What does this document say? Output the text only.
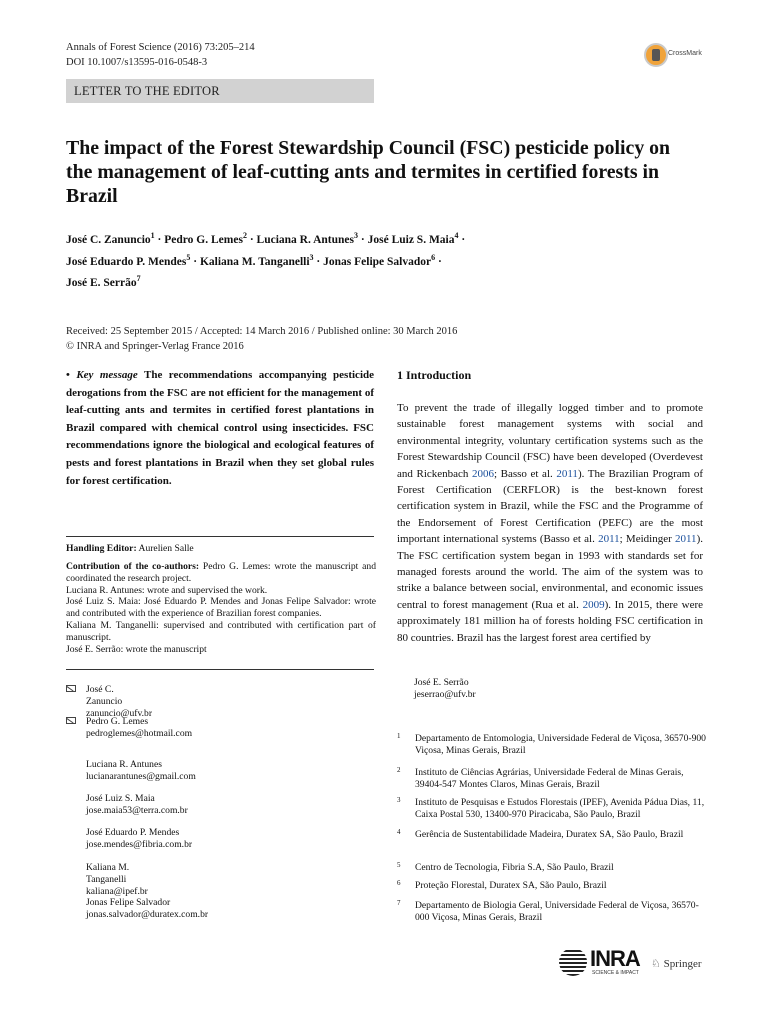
Annals of Forest Science (2016) 73:205–214
DOI 10.1007/s13595-016-0548-3
CrossMark
LETTER TO THE EDITOR
The impact of the Forest Stewardship Council (FSC) pesticide policy on the management of leaf-cutting ants and termites in certified forests in Brazil
José C. Zanuncio$^1$ · Pedro G. Lemes$^2$ · Luciana R. Antunes$^3$ · José Luiz S. Maia$^4$ ·
José Eduardo P. Mendes$^5$ · Kaliana M. Tanganelli$^3$ · Jonas Felipe Salvador$^6$ ·
José E. Serrão$^7$
Received: 25 September 2015 / Accepted: 14 March 2016 / Published online: 30 March 2016
© INRA and Springer-Verlag France 2016
• Key message The recommendations accompanying pesticide derogations from the FSC are not efficient for the management of leaf-cutting ants and termites in certified forest plantations in Brazil compared with chemical control using insecticides. FSC recommendations ignore the biological and ecological features of pests and forest plantations in Brazil when they set global rules for forest certification.
Handling Editor: Aurelien Salle

Contribution of the co-authors: Pedro G. Lemes: wrote the manuscript and coordinated the research project.

Luciana R. Antunes: wrote and supervised the work.

José Luiz S. Maia: José Eduardo P. Mendes and Jonas Felipe Salvador: wrote and contributed with the experience of Brazilian forest companies.

Kaliana M. Tanganelli: supervised and contributed with certification part of manuscript.

José E. Serrão: wrote the manuscript

1 Introduction
To prevent the trade of illegally logged timber and to promote sustainable forest management systems with social and environmental integrity, voluntary certification systems such as the Forest Stewardship Council (FSC) have been developed (Overdevest and Rickenbach 2006; Basso et al. 2011). The Brazilian Program of Forest Certification (CERFLOR) is the best-known forest certification system in Brazil, while the FSC and the Programme of the Endorsement of Forest Certification (PEFC) are the most important international systems (Basso et al. 2011; Meidinger 2011). The FSC certification system began in 1993 with standards set for managed forests around the world. The aim of the system was to strike a balance between social, environmental, and economic issues central to forest management (Rua et al. 2009). In 2015, there were approximately 181 million ha of forests holding FSC certification in 80 countries. Brazil has the largest forest area certified by
José C. Zanuncio
zanuncio@ufv.br
Pedro G. Lemes
pedroglemes@hotmail.com
Luciana R. Antunes
lucianarantunes@gmail.com
José Luiz S. Maia
jose.maia53@terra.com.br
José Eduardo P. Mendes
jose.mendes@fibria.com.br
Kaliana M. Tanganelli
kaliana@ipef.br
Jonas Felipe Salvador
jonas.salvador@duratex.com.br
José E. Serrão
jeserrao@ufv.br
1 Departamento de Entomologia, Universidade Federal de Viçosa, 36570-900 Viçosa, Minas Gerais, Brazil
2 Instituto de Ciências Agrárias, Universidade Federal de Minas Gerais, 39404-547 Montes Claros, Minas Gerais, Brazil
3 Instituto de Pesquisas e Estudos Florestais (IPEF), Avenida Pádua Dias, 11, Caixa Postal 530, 13400-970 Piracicaba, São Paulo, Brazil
4 Gerência de Sustentabilidade Madeira, Duratex SA, São Paulo, Brazil
5 Centro de Tecnologia, Fibria S.A, São Paulo, Brazil
6 Proteção Florestal, Duratex SA, São Paulo, Brazil
7 Departamento de Biologia Geral, Universidade Federal de Viçosa, 36570-000 Viçosa, Minas Gerais, Brazil
INRA
SCIENCE & IMPACT
♘ Springer
